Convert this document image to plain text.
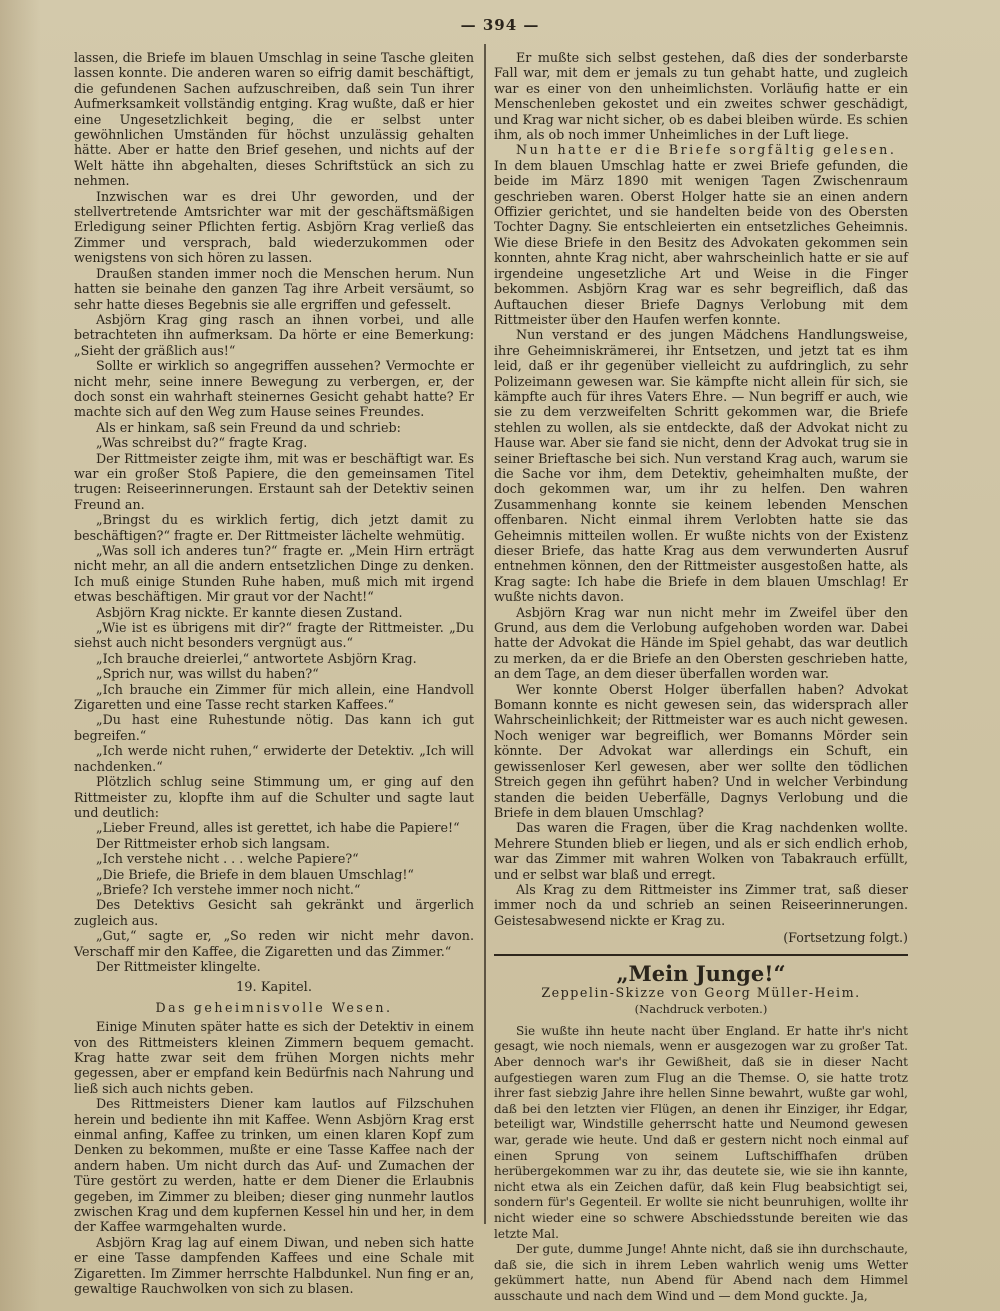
— 394 —

lassen, die Briefe im blauen Umschlag in seine Tasche gleiten lassen konnte. Die anderen waren so eifrig damit beschäftigt, die gefundenen Sachen aufzuschreiben, daß sein Tun ihrer Aufmerksamkeit vollständig entging. Krag wußte, daß er hier eine Ungesetzlichkeit beging, die er selbst unter gewöhnlichen Umständen für höchst unzulässig gehalten hätte. Aber er hatte den Brief gesehen, und nichts auf der Welt hätte ihn abgehalten, dieses Schriftstück an sich zu nehmen.

Inzwischen war es drei Uhr geworden, und der stellvertretende Amtsrichter war mit der geschäftsmäßigen Erledigung seiner Pflichten fertig. Asbjörn Krag verließ das Zimmer und versprach, bald wiederzukommen oder wenigstens von sich hören zu lassen.

Draußen standen immer noch die Menschen herum. Nun hatten sie beinahe den ganzen Tag ihre Arbeit versäumt, so sehr hatte dieses Begebnis sie alle ergriffen und gefesselt.

Asbjörn Krag ging rasch an ihnen vorbei, und alle betrachteten ihn aufmerksam. Da hörte er eine Bemerkung: „Sieht der gräßlich aus!“

Sollte er wirklich so angegriffen aussehen? Vermochte er nicht mehr, seine innere Bewegung zu verbergen, er, der doch sonst ein wahrhaft steinernes Gesicht gehabt hatte? Er machte sich auf den Weg zum Hause seines Freundes.

Als er hinkam, saß sein Freund da und schrieb:

„Was schreibst du?“ fragte Krag.

Der Rittmeister zeigte ihm, mit was er beschäftigt war. Es war ein großer Stoß Papiere, die den gemeinsamen Titel trugen: Reiseerinnerungen. Erstaunt sah der Detektiv seinen Freund an.

„Bringst du es wirklich fertig, dich jetzt damit zu beschäftigen?“ fragte er. Der Rittmeister lächelte wehmütig.

„Was soll ich anderes tun?“ fragte er. „Mein Hirn erträgt nicht mehr, an all die andern entsetzlichen Dinge zu denken. Ich muß einige Stunden Ruhe haben, muß mich mit irgend etwas beschäftigen. Mir graut vor der Nacht!“

Asbjörn Krag nickte. Er kannte diesen Zustand.

„Wie ist es übrigens mit dir?“ fragte der Rittmeister. „Du siehst auch nicht besonders vergnügt aus.“

„Ich brauche dreierlei,“ antwortete Asbjörn Krag.

„Sprich nur, was willst du haben?“

„Ich brauche ein Zimmer für mich allein, eine Handvoll Zigaretten und eine Tasse recht starken Kaffees.“

„Du hast eine Ruhestunde nötig. Das kann ich gut begreifen.“

„Ich werde nicht ruhen,“ erwiderte der Detektiv. „Ich will nachdenken.“

Plötzlich schlug seine Stimmung um, er ging auf den Rittmeister zu, klopfte ihm auf die Schulter und sagte laut und deutlich:

„Lieber Freund, alles ist gerettet, ich habe die Papiere!“

Der Rittmeister erhob sich langsam.

„Ich verstehe nicht . . . welche Papiere?“

„Die Briefe, die Briefe in dem blauen Umschlag!“

„Briefe? Ich verstehe immer noch nicht.“

Des Detektivs Gesicht sah gekränkt und ärgerlich zugleich aus.

„Gut,“ sagte er, „So reden wir nicht mehr davon. Verschaff mir den Kaffee, die Zigaretten und das Zimmer.“

Der Rittmeister klingelte.

19. Kapitel.
Das geheimnisvolle Wesen.

Einige Minuten später hatte es sich der Detektiv in einem von des Rittmeisters kleinen Zimmern bequem gemacht. Krag hatte zwar seit dem frühen Morgen nichts mehr gegessen, aber er empfand kein Bedürfnis nach Nahrung und ließ sich auch nichts geben.

Des Rittmeisters Diener kam lautlos auf Filzschuhen herein und bediente ihn mit Kaffee. Wenn Asbjörn Krag erst einmal anfing, Kaffee zu trinken, um einen klaren Kopf zum Denken zu bekommen, mußte er eine Tasse Kaffee nach der andern haben. Um nicht durch das Auf- und Zumachen der Türe gestört zu werden, hatte er dem Diener die Erlaubnis gegeben, im Zimmer zu bleiben; dieser ging nunmehr lautlos zwischen Krag und dem kupfernen Kessel hin und her, in dem der Kaffee warmgehalten wurde.

Asbjörn Krag lag auf einem Diwan, und neben sich hatte er eine Tasse dampfenden Kaffees und eine Schale mit Zigaretten. Im Zimmer herrschte Halbdunkel. Nun fing er an, gewaltige Rauchwolken von sich zu blasen.

Er mußte sich selbst gestehen, daß dies der sonderbarste Fall war, mit dem er jemals zu tun gehabt hatte, und zugleich war es einer von den unheimlichsten. Vorläufig hatte er ein Menschenleben gekostet und ein zweites schwer geschädigt, und Krag war nicht sicher, ob es dabei bleiben würde. Es schien ihm, als ob noch immer Unheimliches in der Luft liege.

Nun hatte er die Briefe sorgfältig gelesen.

In dem blauen Umschlag hatte er zwei Briefe gefunden, die beide im März 1890 mit wenigen Tagen Zwischenraum geschrieben waren. Oberst Holger hatte sie an einen andern Offizier gerichtet, und sie handelten beide von des Obersten Tochter Dagny. Sie entschleierten ein entsetzliches Geheimnis. Wie diese Briefe in den Besitz des Advokaten gekommen sein konnten, ahnte Krag nicht, aber wahrscheinlich hatte er sie auf irgendeine ungesetzliche Art und Weise in die Finger bekommen. Asbjörn Krag war es sehr begreiflich, daß das Auftauchen dieser Briefe Dagnys Verlobung mit dem Rittmeister über den Haufen werfen konnte.

Nun verstand er des jungen Mädchens Handlungsweise, ihre Geheimniskrämerei, ihr Entsetzen, und jetzt tat es ihm leid, daß er ihr gegenüber vielleicht zu aufdringlich, zu sehr Polizeimann gewesen war. Sie kämpfte nicht allein für sich, sie kämpfte auch für ihres Vaters Ehre. — Nun begriff er auch, wie sie zu dem verzweifelten Schritt gekommen war, die Briefe stehlen zu wollen, als sie entdeckte, daß der Advokat nicht zu Hause war. Aber sie fand sie nicht, denn der Advokat trug sie in seiner Brieftasche bei sich. Nun verstand Krag auch, warum sie die Sache vor ihm, dem Detektiv, geheimhalten mußte, der doch gekommen war, um ihr zu helfen. Den wahren Zusammenhang konnte sie keinem lebenden Menschen offenbaren. Nicht einmal ihrem Verlobten hatte sie das Geheimnis mitteilen wollen. Er wußte nichts von der Existenz dieser Briefe, das hatte Krag aus dem verwunderten Ausruf entnehmen können, den der Rittmeister ausgestoßen hatte, als Krag sagte: Ich habe die Briefe in dem blauen Umschlag! Er wußte nichts davon.

Asbjörn Krag war nun nicht mehr im Zweifel über den Grund, aus dem die Verlobung aufgehoben worden war. Dabei hatte der Advokat die Hände im Spiel gehabt, das war deutlich zu merken, da er die Briefe an den Obersten geschrieben hatte, an dem Tage, an dem dieser überfallen worden war.

Wer konnte Oberst Holger überfallen haben? Advokat Bomann konnte es nicht gewesen sein, das widersprach aller Wahrscheinlichkeit; der Rittmeister war es auch nicht gewesen. Noch weniger war begreiflich, wer Bomanns Mörder sein könnte. Der Advokat war allerdings ein Schuft, ein gewissenloser Kerl gewesen, aber wer sollte den tödlichen Streich gegen ihn geführt haben? Und in welcher Verbindung standen die beiden Ueberfälle, Dagnys Verlobung und die Briefe in dem blauen Umschlag?

Das waren die Fragen, über die Krag nachdenken wollte. Mehrere Stunden blieb er liegen, und als er sich endlich erhob, war das Zimmer mit wahren Wolken von Tabakrauch erfüllt, und er selbst war blaß und erregt.

Als Krag zu dem Rittmeister ins Zimmer trat, saß dieser immer noch da und schrieb an seinen Reiseerinnerungen. Geistesabwesend nickte er Krag zu.

(Fortsetzung folgt.)
„Mein Junge!“
Zeppelin-Skizze von Georg Müller-Heim.
(Nachdruck verboten.)

Sie wußte ihn heute nacht über England. Er hatte ihr's nicht gesagt, wie noch niemals, wenn er ausgezogen war zu großer Tat. Aber dennoch war's ihr Gewißheit, daß sie in dieser Nacht aufgestiegen waren zum Flug an die Themse. O, sie hatte trotz ihrer fast siebzig Jahre ihre hellen Sinne bewahrt, wußte gar wohl, daß bei den letzten vier Flügen, an denen ihr Einziger, ihr Edgar, beteiligt war, Windstille geherrscht hatte und Neumond gewesen war, gerade wie heute. Und daß er gestern nicht noch einmal auf einen Sprung von seinem Luftschiffhafen drüben herübergekommen war zu ihr, das deutete sie, wie sie ihn kannte, nicht etwa als ein Zeichen dafür, daß kein Flug beabsichtigt sei, sondern für's Gegenteil. Er wollte sie nicht beunruhigen, wollte ihr nicht wieder eine so schwere Abschiedsstunde bereiten wie das letzte Mal.

Der gute, dumme Junge! Ahnte nicht, daß sie ihn durchschaute, daß sie, die sich in ihrem Leben wahrlich wenig ums Wetter gekümmert hatte, nun Abend für Abend nach dem Himmel ausschaute und nach dem Wind und — dem Mond guckte. Ja,
